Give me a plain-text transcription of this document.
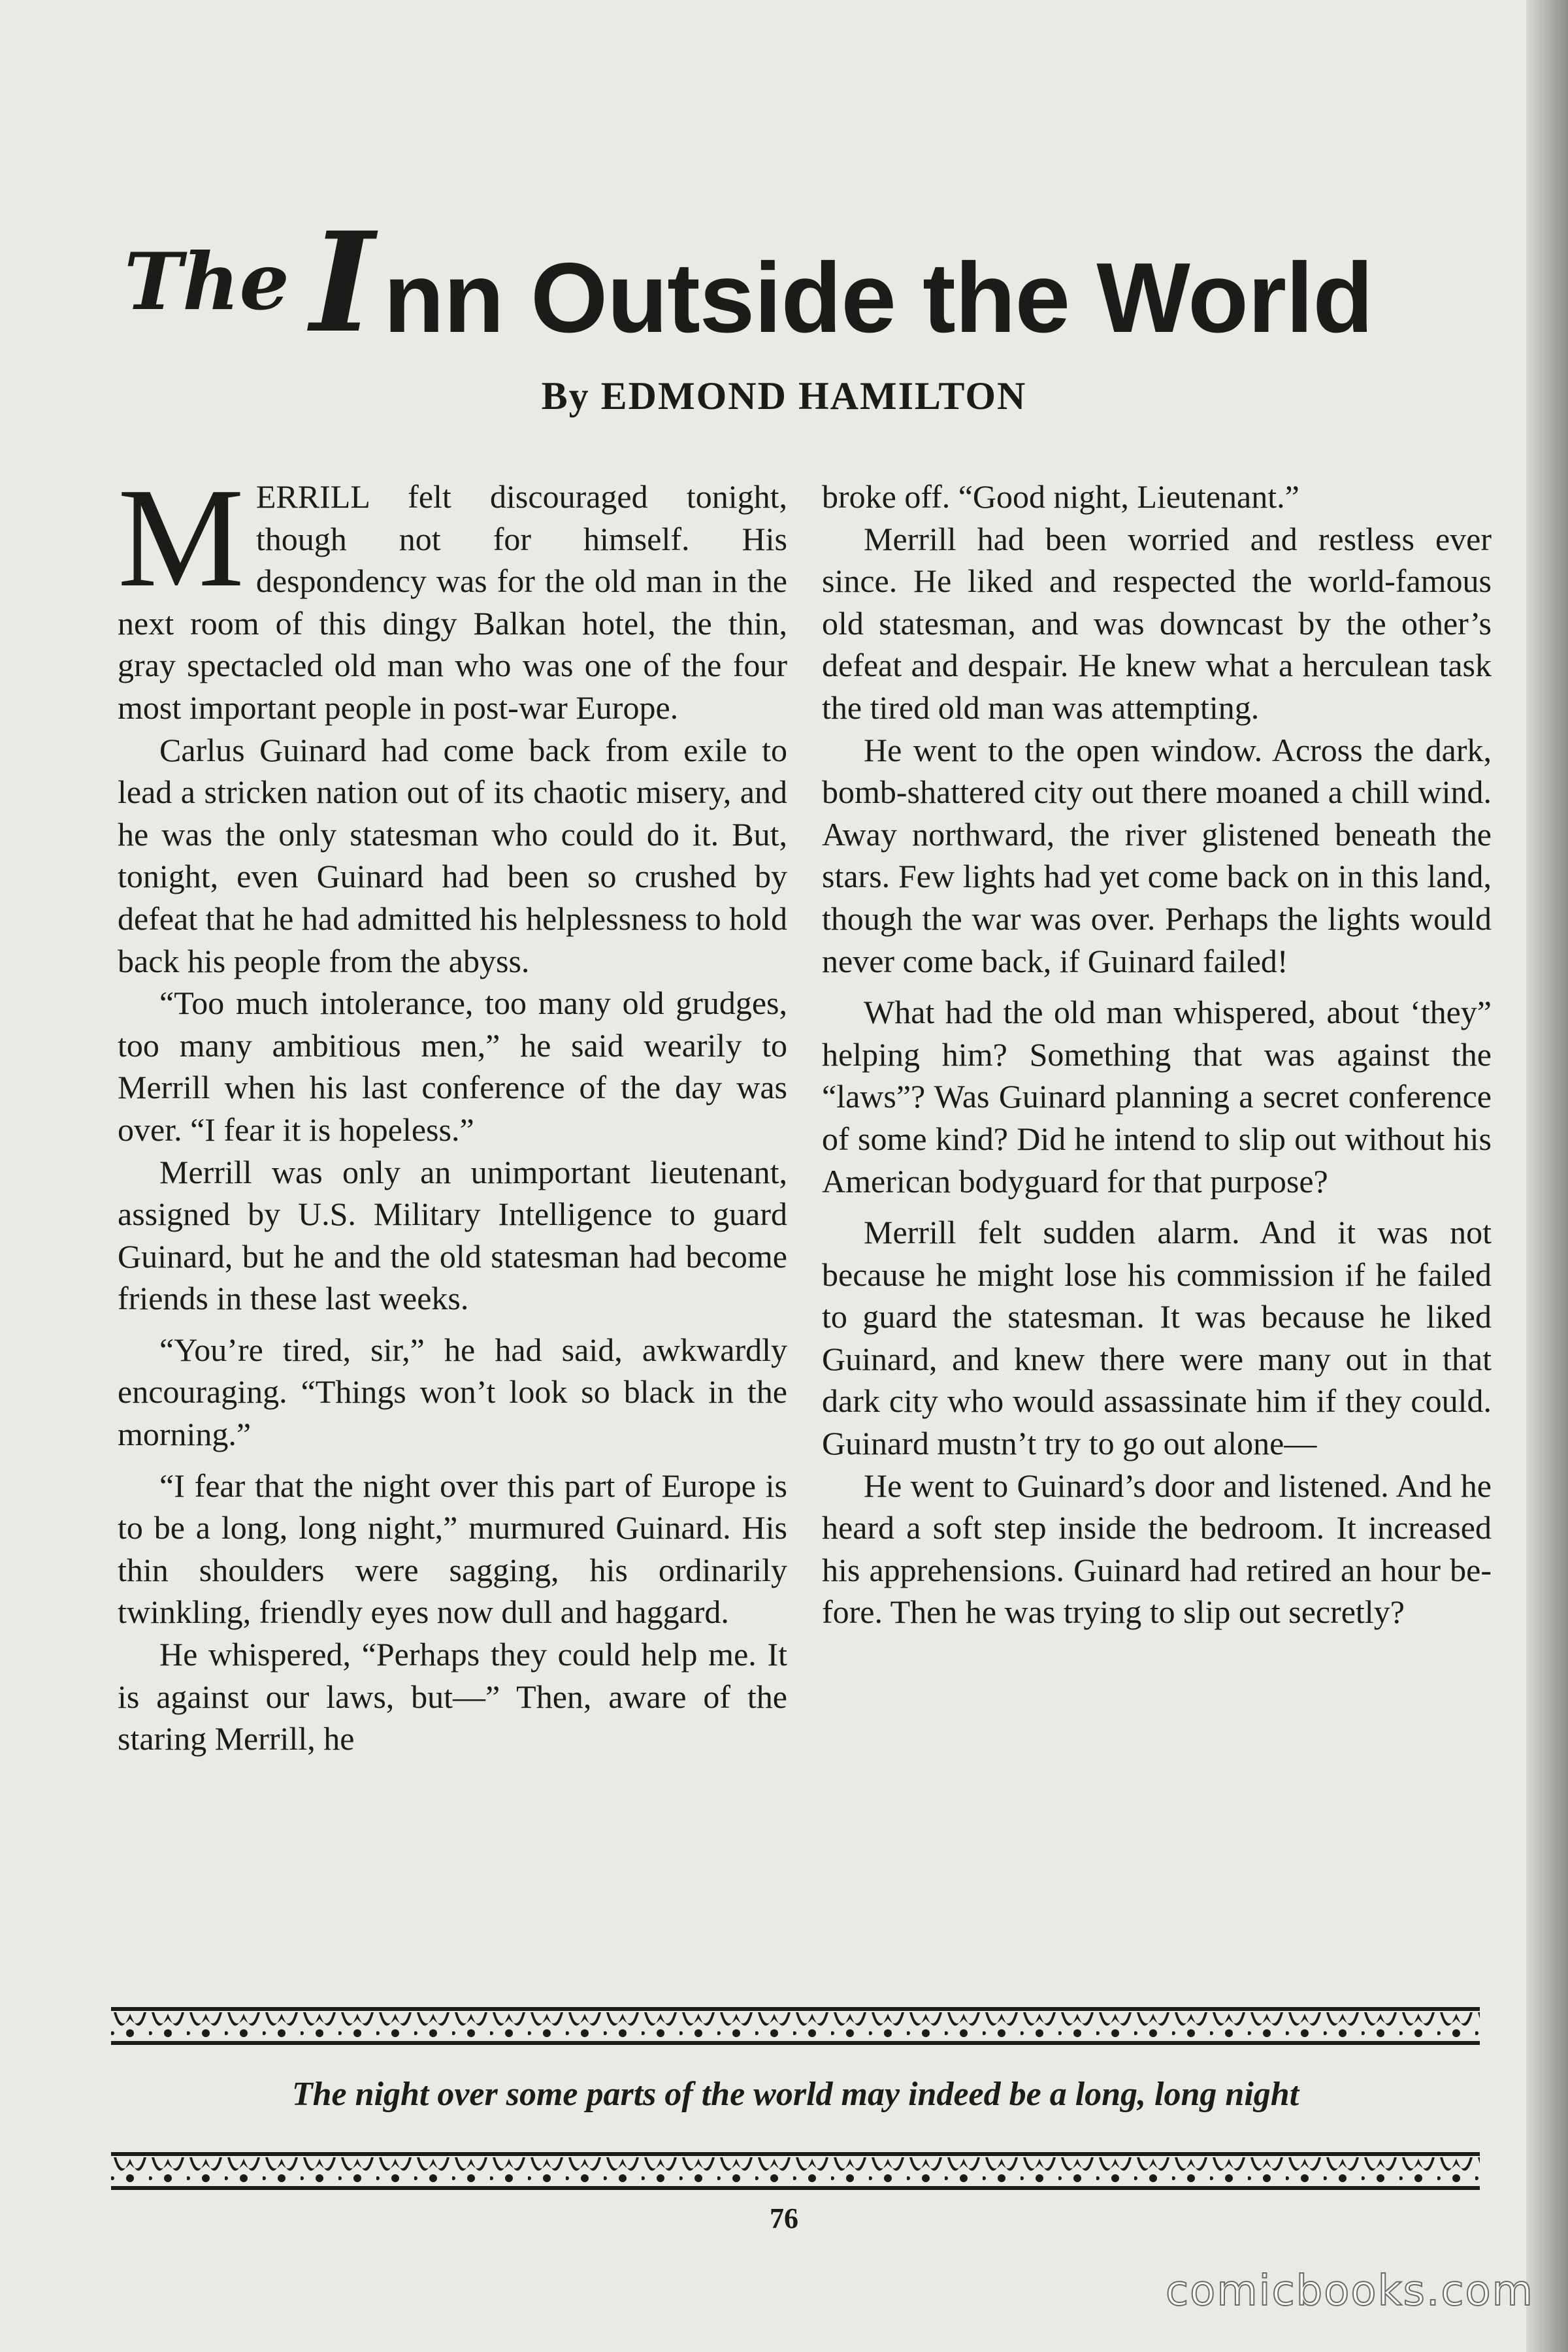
The I nn Outside the World
By EDMOND HAMILTON

MERRILL felt discouraged tonight, though not for himself. His despondency was for the old man in the next room of this dingy Balkan hotel, the thin, gray spectacled old man who was one of the four most important people in post-war Europe.

Carlus Guinard had come back from exile to lead a stricken nation out of its chaotic misery, and he was the only statesman who could do it. But, tonight, even Guinard had been so crushed by defeat that he had admitted his helplessness to hold back his people from the abyss.

“Too much intolerance, too many old grudges, too many ambitious men,” he said wearily to Merrill when his last conference of the day was over. “I fear it is hopeless.”

Merrill was only an unimportant lieutenant, assigned by U.S. Military Intelligence to guard Guinard, but he and the old statesman had become friends in these last weeks.

“You’re tired, sir,” he had said, awkwardly encouraging. “Things won’t look so black in the morning.”

“I fear that the night over this part of Europe is to be a long, long night,” murmured Guinard. His thin shoulders were sagging, his ordinarily twinkling, friendly eyes now dull and haggard.

He whispered, “Perhaps they could help me. It is against our laws, but—” Then, aware of the staring Merrill, he

broke off. “Good night, Lieutenant.”

Merrill had been worried and restless ever since. He liked and respected the world-famous old statesman, and was downcast by the other’s defeat and despair. He knew what a herculean task the tired old man was attempting.

He went to the open window. Across the dark, bomb-shattered city out there moaned a chill wind. Away northward, the river glistened beneath the stars. Few lights had yet come back on in this land, though the war was over. Perhaps the lights would never come back, if Guinard failed!

What had the old man whispered, about ‘they” helping him? Something that was against the “laws”? Was Guinard planning a secret conference of some kind? Did he intend to slip out without his American bodyguard for that purpose?

Merrill felt sudden alarm. And it was not because he might lose his commission if he failed to guard the statesman. It was because he liked Guinard, and knew there were many out in that dark city who would assassinate him if they could. Guinard mustn’t try to go out alone—

He went to Guinard’s door and listened. And he heard a soft step inside the bedroom. It increased his apprehensions. Guinard had retired an hour before. Then he was trying to slip out secretly?

The night over some parts of the world may indeed be a long, long night
76
comicbooks.com
